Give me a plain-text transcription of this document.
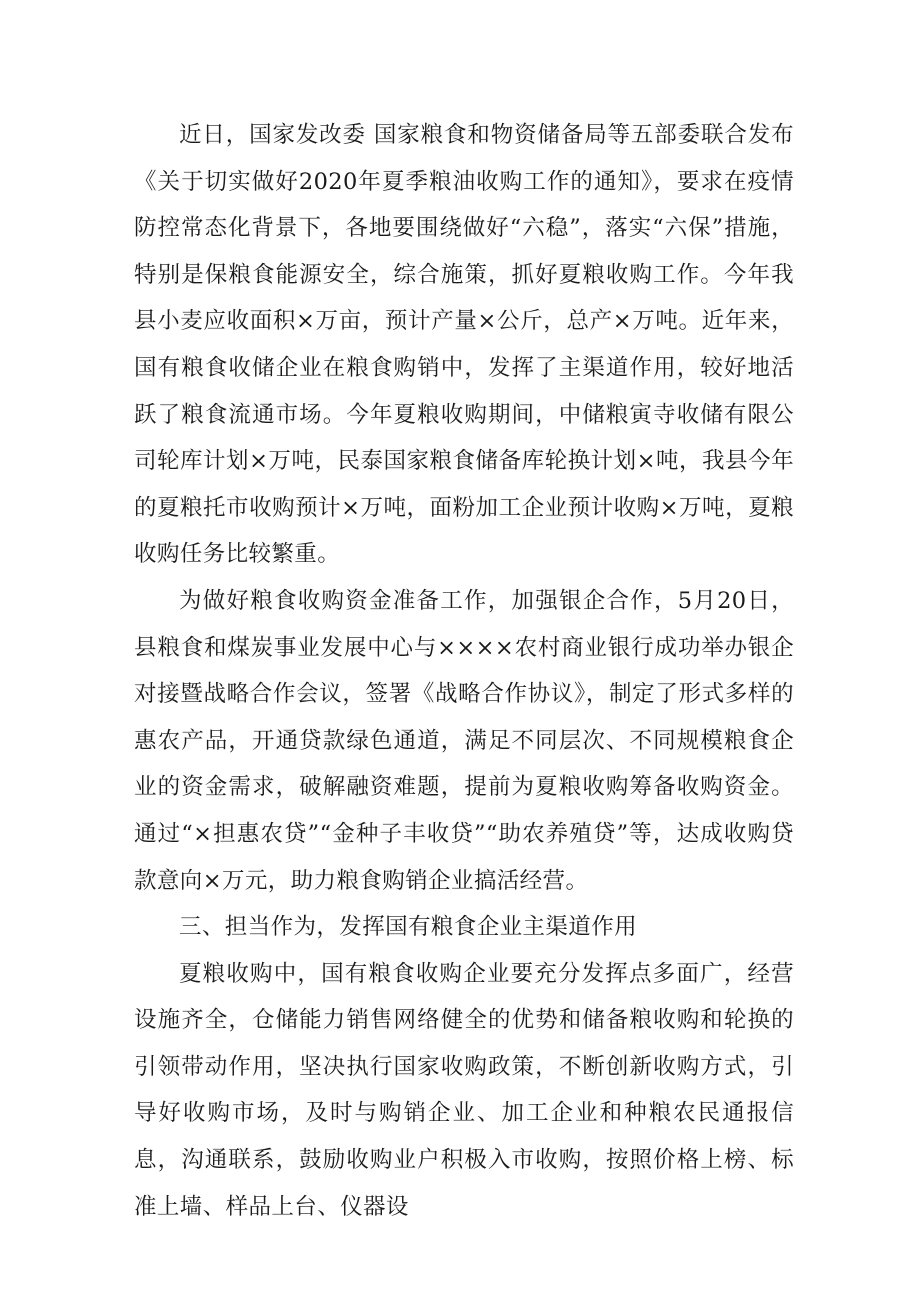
近日，国家发改委 国家粮食和物资储备局等五部委联合发布《关于切实做好2020年夏季粮油收购工作的通知》，要求在疫情防控常态化背景下，各地要围绕做好“六稳”，落实“六保”措施，特别是保粮食能源安全，综合施策，抓好夏粮收购工作。今年我县小麦应收面积×万亩，预计产量×公斤，总产×万吨。近年来，国有粮食收储企业在粮食购销中，发挥了主渠道作用，较好地活跃了粮食流通市场。今年夏粮收购期间，中储粮寅寺收储有限公司轮库计划×万吨，民泰国家粮食储备库轮换计划×吨，我县今年的夏粮托市收购预计×万吨，面粉加工企业预计收购×万吨，夏粮收购任务比较繁重。

为做好粮食收购资金准备工作，加强银企合作，5月20日，县粮食和煤炭事业发展中心与××××农村商业银行成功举办银企对接暨战略合作会议，签署《战略合作协议》，制定了形式多样的惠农产品，开通贷款绿色通道，满足不同层次、不同规模粮食企业的资金需求，破解融资难题，提前为夏粮收购筹备收购资金。通过“×担惠农贷”“金种子丰收贷”“助农养殖贷”等，达成收购贷款意向×万元，助力粮食购销企业搞活经营。

三、担当作为，发挥国有粮食企业主渠道作用

夏粮收购中，国有粮食收购企业要充分发挥点多面广，经营设施齐全，仓储能力销售网络健全的优势和储备粮收购和轮换的引领带动作用，坚决执行国家收购政策，不断创新收购方式，引导好收购市场，及时与购销企业、加工企业和种粮农民通报信息，沟通联系，鼓励收购业户积极入市收购，按照价格上榜、标准上墙、样品上台、仪器设
